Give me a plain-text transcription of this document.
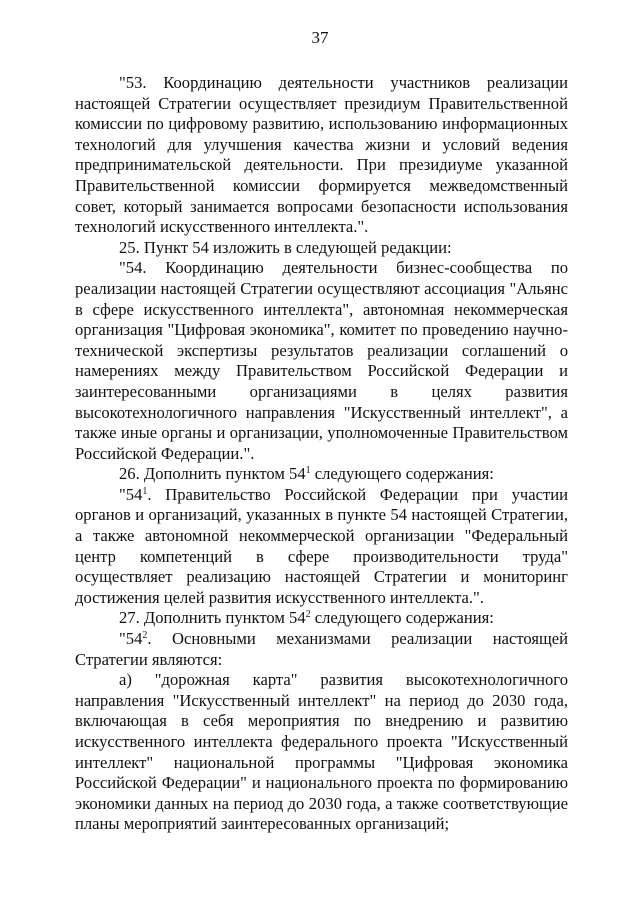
37

"53. Координацию деятельности участников реализации настоящей Стратегии осуществляет президиум Правительственной комиссии по цифровому развитию, использованию информационных технологий для улучшения качества жизни и условий ведения предпринимательской деятельности. При президиуме указанной Правительственной комиссии формируется межведомственный совет, который занимается вопросами безопасности использования технологий искусственного интеллекта.".

25. Пункт 54 изложить в следующей редакции:

"54. Координацию деятельности бизнес-сообщества по реализации настоящей Стратегии осуществляют ассоциация "Альянс в сфере искусственного интеллекта", автономная некоммерческая организация "Цифровая экономика", комитет по проведению научно-технической экспертизы результатов реализации соглашений о намерениях между Правительством Российской Федерации и заинтересованными организациями в целях развития высокотехнологичного направления "Искусственный интеллект", а также иные органы и организации, уполномоченные Правительством Российской Федерации.".

26. Дополнить пунктом $54^1$ следующего содержания:

"$54^1$. Правительство Российской Федерации при участии органов и организаций, указанных в пункте 54 настоящей Стратегии, а также автономной некоммерческой организации "Федеральный центр компетенций в сфере производительности труда" осуществляет реализацию настоящей Стратегии и мониторинг достижения целей развития искусственного интеллекта.".

27. Дополнить пунктом $54^2$ следующего содержания:

"$54^2$. Основными механизмами реализации настоящей Стратегии являются:

а) "дорожная карта" развития высокотехнологичного направления "Искусственный интеллект" на период до 2030 года, включающая в себя мероприятия по внедрению и развитию искусственного интеллекта федерального проекта "Искусственный интеллект" национальной программы "Цифровая экономика Российской Федерации" и национального проекта по формированию экономики данных на период до 2030 года, а также соответствующие планы мероприятий заинтересованных организаций;
